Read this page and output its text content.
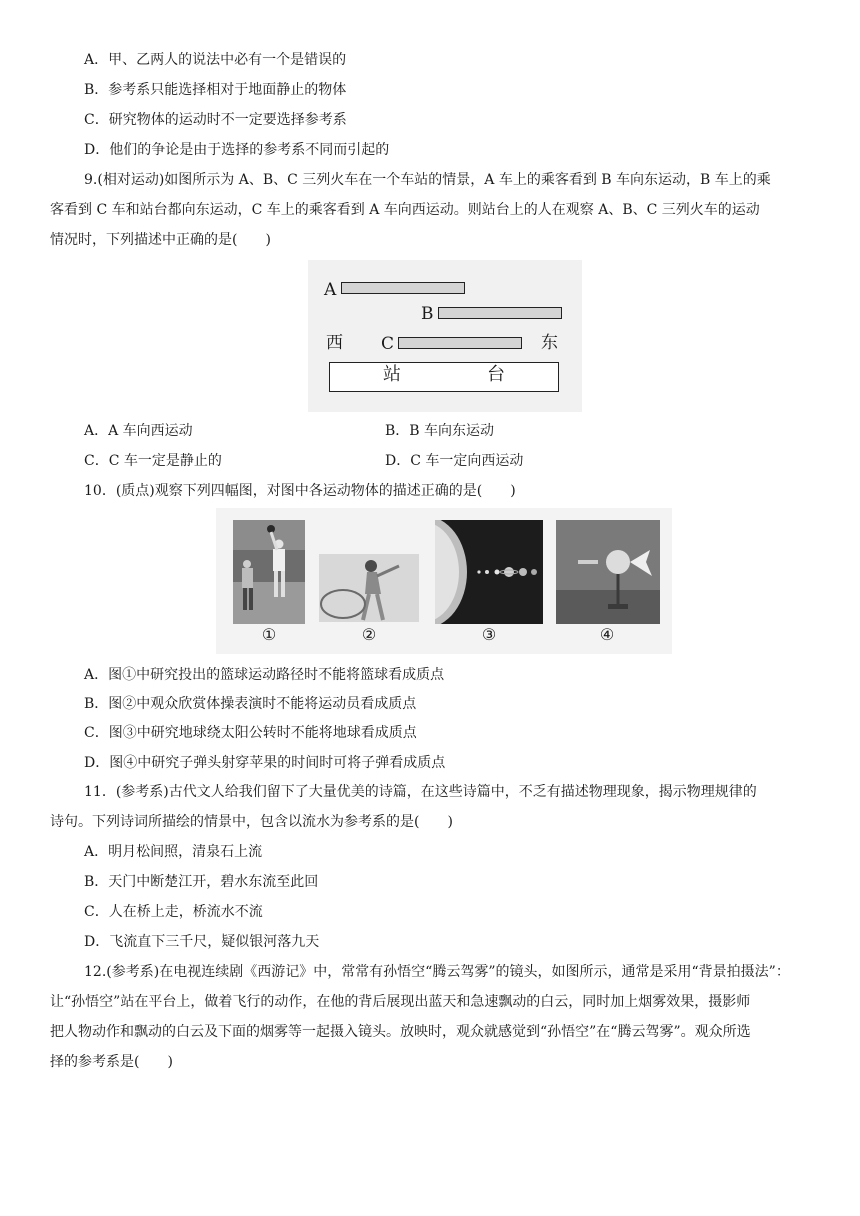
A．甲、乙两人的说法中必有一个是错误的
B．参考系只能选择相对于地面静止的物体
C．研究物体的运动时不一定要选择参考系
D．他们的争论是由于选择的参考系不同而引起的
9.(相对运动)如图所示为 A、B、C 三列火车在一个车站的情景，A 车上的乘客看到 B 车向东运动，B 车上的乘
客看到 C 车和站台都向东运动，C 车上的乘客看到 A 车向西运动。则站台上的人在观察 A、B、C 三列火车的运动
情况时，下列描述中正确的是(　　)
A
B
西 C	东
站	台
A．A 车向西运动	B．B 车向东运动
C．C 车一定是静止的	D．C 车一定向西运动
10．(质点)观察下列四幅图，对图中各运动物体的描述正确的是(　　)
①	②	③	④
A．图①中研究投出的篮球运动路径时不能将篮球看成质点
B．图②中观众欣赏体操表演时不能将运动员看成质点
C．图③中研究地球绕太阳公转时不能将地球看成质点
D．图④中研究子弹头射穿苹果的时间时可将子弹看成质点
11．(参考系)古代文人给我们留下了大量优美的诗篇，在这些诗篇中，不乏有描述物理现象，揭示物理规律的
诗句。下列诗词所描绘的情景中，包含以流水为参考系的是(　　)
A．明月松间照，清泉石上流
B．天门中断楚江开，碧水东流至此回
C．人在桥上走，桥流水不流
D．飞流直下三千尺，疑似银河落九天
12.(参考系)在电视连续剧《西游记》中，常常有孙悟空“腾云驾雾”的镜头，如图所示，通常是采用“背景拍摄法”：
让“孙悟空”站在平台上，做着飞行的动作，在他的背后展现出蓝天和急速飘动的白云，同时加上烟雾效果，摄影师
把人物动作和飘动的白云及下面的烟雾等一起摄入镜头。放映时，观众就感觉到“孙悟空”在“腾云驾雾”。观众所选
择的参考系是(　　)
